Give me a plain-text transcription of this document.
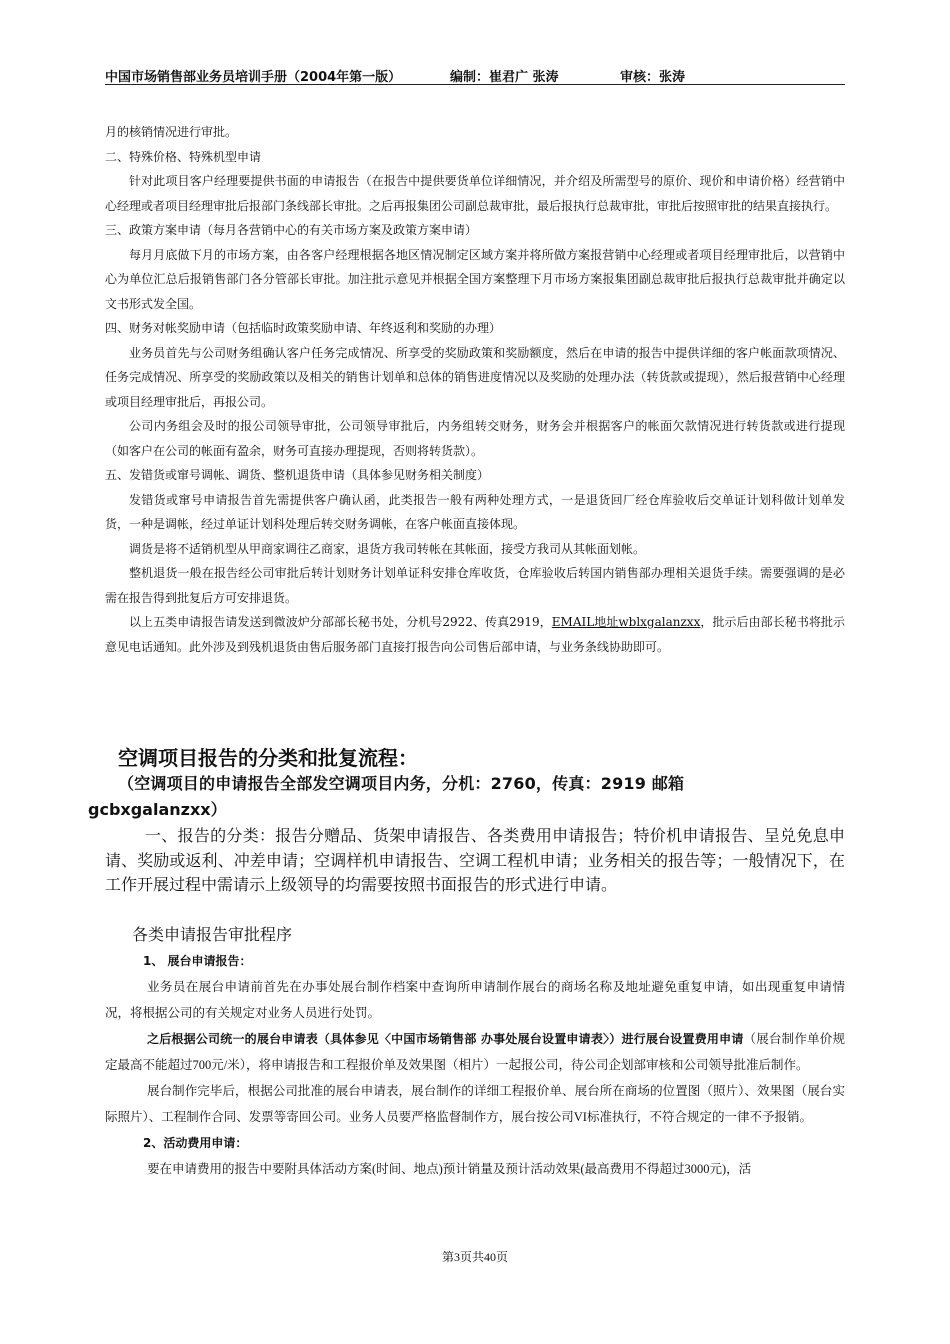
中国市场销售部业务员培训手册（2004年第一版）	编制：崔君广 张涛	审核：张涛

月的核销情况进行审批。

二、特殊价格、特殊机型申请

针对此项目客户经理要提供书面的申请报告（在报告中提供要货单位详细情况，并介绍及所需型号的原价、现价和申请价格）经营销中心经理或者项目经理审批后报部门条线部长审批。之后再报集团公司副总裁审批，最后报执行总裁审批，审批后按照审批的结果直接执行。

三、政策方案申请（每月各营销中心的有关市场方案及政策方案申请）

每月月底做下月的市场方案，由各客户经理根据各地区情况制定区域方案并将所做方案报营销中心经理或者项目经理审批后，以营销中心为单位汇总后报销售部门各分管部长审批。加注批示意见并根据全国方案整理下月市场方案报集团副总裁审批后报执行总裁审批并确定以文书形式发全国。

四、财务对帐奖励申请（包括临时政策奖励申请、年终返利和奖励的办理）

业务员首先与公司财务组确认客户任务完成情况、所享受的奖励政策和奖励额度，然后在申请的报告中提供详细的客户帐面款项情况、任务完成情况、所享受的奖励政策以及相关的销售计划单和总体的销售进度情况以及奖励的处理办法（转货款或提现），然后报营销中心经理或项目经理审批后，再报公司。

公司内务组会及时的报公司领导审批，公司领导审批后，内务组转交财务，财务会并根据客户的帐面欠款情况进行转货款或进行提现（如客户在公司的帐面有盈余，财务可直接办理提现，否则将转货款）。

五、发错货或窜号调帐、调货、整机退货申请（具体参见财务相关制度）

发错货或窜号申请报告首先需提供客户确认函，此类报告一般有两种处理方式，一是退货回厂经仓库验收后交单证计划科做计划单发货，一种是调帐，经过单证计划科处理后转交财务调帐，在客户帐面直接体现。

调货是将不适销机型从甲商家调往乙商家，退货方我司转帐在其帐面，接受方我司从其帐面划帐。

整机退货一般在报告经公司审批后转计划财务计划单证科安排仓库收货，仓库验收后转国内销售部办理相关退货手续。需要强调的是必需在报告得到批复后方可安排退货。

以上五类申请报告请发送到微波炉分部部长秘书处，分机号2922、传真2919，EMAIL地址wblxgalanzxx，批示后由部长秘书将批示意见电话通知。此外涉及到残机退货由售后服务部门直接打报告向公司售后部申请，与业务条线协助即可。

空调项目报告的分类和批复流程：

（空调项目的申请报告全部发空调项目内务，分机：2760，传真：2919 邮箱

gcbxgalanzxx）

一、报告的分类：报告分赠品、货架申请报告、各类费用申请报告；特价机申请报告、呈兑免息申请、奖励或返利、冲差申请；空调样机申请报告、空调工程机申请；业务相关的报告等；一般情况下，在工作开展过程中需请示上级领导的均需要按照书面报告的形式进行申请。

各类申请报告审批程序

1、 展台申请报告：

业务员在展台申请前首先在办事处展台制作档案中查询所申请制作展台的商场名称及地址避免重复申请，如出现重复申请情况，将根据公司的有关规定对业务人员进行处罚。

之后根据公司统一的展台申请表（具体参见〈中国市场销售部 办事处展台设置申请表〉）进行展台设置费用申请（展台制作单价规定最高不能超过700元/米），将申请报告和工程报价单及效果图（相片）一起报公司，待公司企划部审核和公司领导批准后制作。

展台制作完毕后，根据公司批准的展台申请表，展台制作的详细工程报价单、展台所在商场的位置图（照片）、效果图（展台实际照片）、工程制作合同、发票等寄回公司。业务人员要严格监督制作方，展台按公司VI标准执行，不符合规定的一律不予报销。

2、活动费用申请：

要在申请费用的报告中要附具体活动方案(时间、地点)预计销量及预计活动效果(最高费用不得超过3000元)，活

第3页共40页
